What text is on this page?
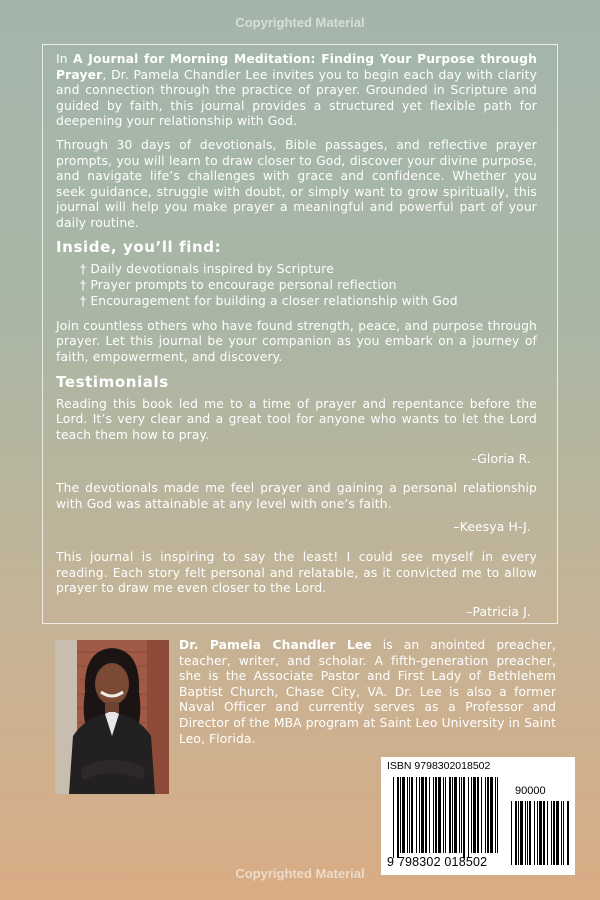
Copyrighted Material

In A Journal for Morning Meditation: Finding Your Purpose through Prayer, Dr. Pamela Chandler Lee invites you to begin each day with clarity and connection through the practice of prayer. Grounded in Scripture and guided by faith, this journal provides a structured yet flexible path for deepening your relationship with God.

Through 30 days of devotionals, Bible passages, and reflective prayer prompts, you will learn to draw closer to God, discover your divine purpose, and navigate life’s challenges with grace and confidence. Whether you seek guidance, struggle with doubt, or simply want to grow spiritually, this journal will help you make prayer a meaningful and powerful part of your daily routine.

Inside, you’ll find:
† Daily devotionals inspired by Scripture
† Prayer prompts to encourage personal reflection
† Encouragement for building a closer relationship with God

Join countless others who have found strength, peace, and purpose through prayer. Let this journal be your companion as you embark on a journey of faith, empowerment, and discovery.

Testimonials

Reading this book led me to a time of prayer and repentance before the Lord. It’s very clear and a great tool for anyone who wants to let the Lord teach them how to pray.

–Gloria R.

The devotionals made me feel prayer and gaining a personal relationship with God was attainable at any level with one’s faith.

–Keesya H-J.

This journal is inspiring to say the least! I could see myself in every reading. Each story felt personal and relatable, as it convicted me to allow prayer to draw me even closer to the Lord.

–Patricia J.
Dr. Pamela Chandler Lee is an anointed preacher, teacher, writer, and scholar. A fifth-generation preacher, she is the Associate Pastor and First Lady of Bethlehem Baptist Church, Chase City, VA. Dr. Lee is also a former Naval Officer and currently serves as a Professor and Director of the MBA program at Saint Leo University in Saint Leo, Florida.
ISBN 9798302018502
90000
9 798302 018502
Copyrighted Material
